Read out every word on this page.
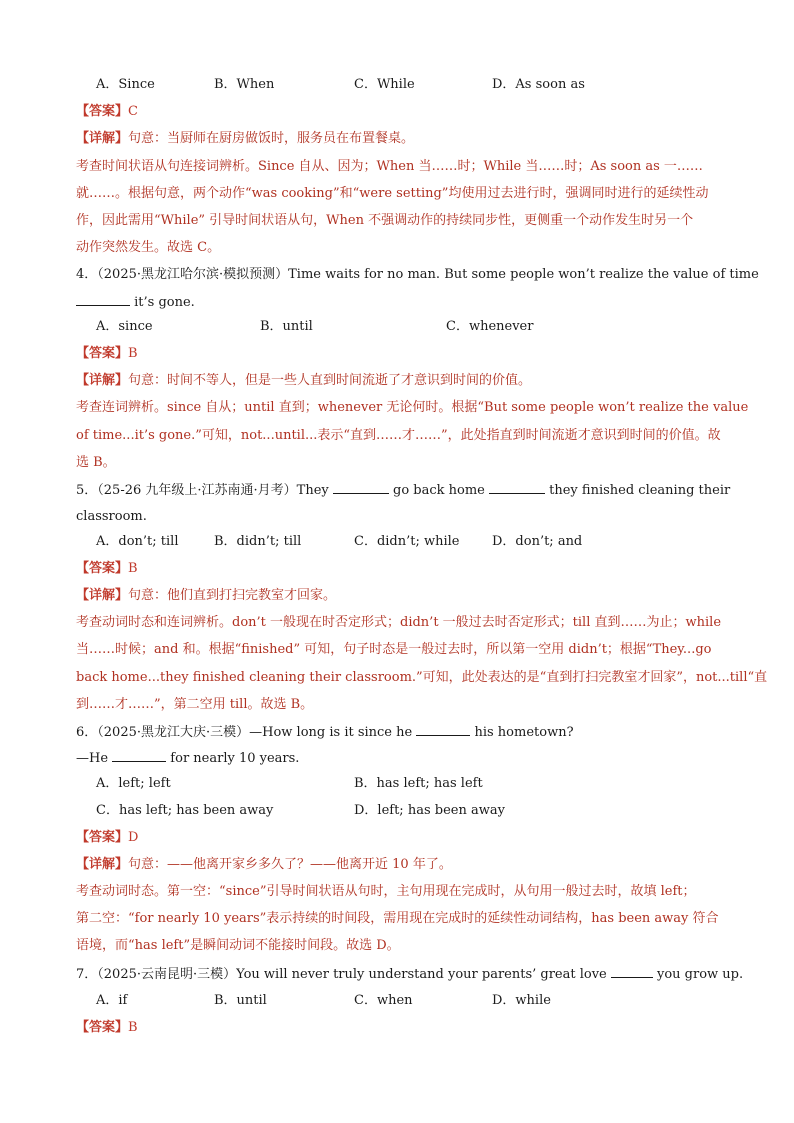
A．Since	B．When	C．While	D．As soon as
【答案】C
【详解】句意：当厨师在厨房做饭时，服务员在布置餐桌。
考查时间状语从句连接词辨析。Since 自从、因为；When 当……时；While 当……时；As soon as 一……
就……。根据句意，两个动作“was cooking”和“were setting”均使用过去进行时，强调同时进行的延续性动
作，因此需用“While” 引导时间状语从句，When 不强调动作的持续同步性，更侧重一个动作发生时另一个
动作突然发生。故选 C。
4．（2025·黑龙江哈尔滨·模拟预测）Time waits for no man. But some people won’t realize the value of time
it’s gone.
A．since	B．until	C．whenever
【答案】B
【详解】句意：时间不等人，但是一些人直到时间流逝了才意识到时间的价值。
考查连词辨析。since 自从；until 直到；whenever 无论何时。根据“But some people won’t realize the value
of time...it’s gone.”可知，not...until...表示“直到……才……”，此处指直到时间流逝才意识到时间的价值。故
选 B。
5．（25-26 九年级上·江苏南通·月考）They	go back home	they finished cleaning their
classroom.
A．don’t; till	B．didn’t; till	C．didn’t; while	D．don’t; and
【答案】B
【详解】句意：他们直到打扫完教室才回家。
考查动词时态和连词辨析。don’t 一般现在时否定形式；didn’t 一般过去时否定形式；till 直到……为止；while
当……时候；and 和。根据“finished” 可知，句子时态是一般过去时，所以第一空用 didn’t；根据“They...go
back home...they finished cleaning their classroom.”可知，此处表达的是“直到打扫完教室才回家”，not...till“直
到……才……”，第二空用 till。故选 B。
6．（2025·黑龙江大庆·三模）—How long is it since he	his hometown?
—He	for nearly 10 years.
A．left; left	B．has left; has left
C．has left; has been away	D．left; has been away
【答案】D
【详解】句意：——他离开家乡多久了？——他离开近 10 年了。
考查动词时态。第一空：“since”引导时间状语从句时，主句用现在完成时，从句用一般过去时，故填 left；
第二空：“for nearly 10 years”表示持续的时间段，需用现在完成时的延续性动词结构，has been away 符合
语境，而“has left”是瞬间动词不能接时间段。故选 D。
7．（2025·云南昆明·三模）You will never truly understand your parents’ great love	you grow up.
A．if	B．until	C．when	D．while
【答案】B
